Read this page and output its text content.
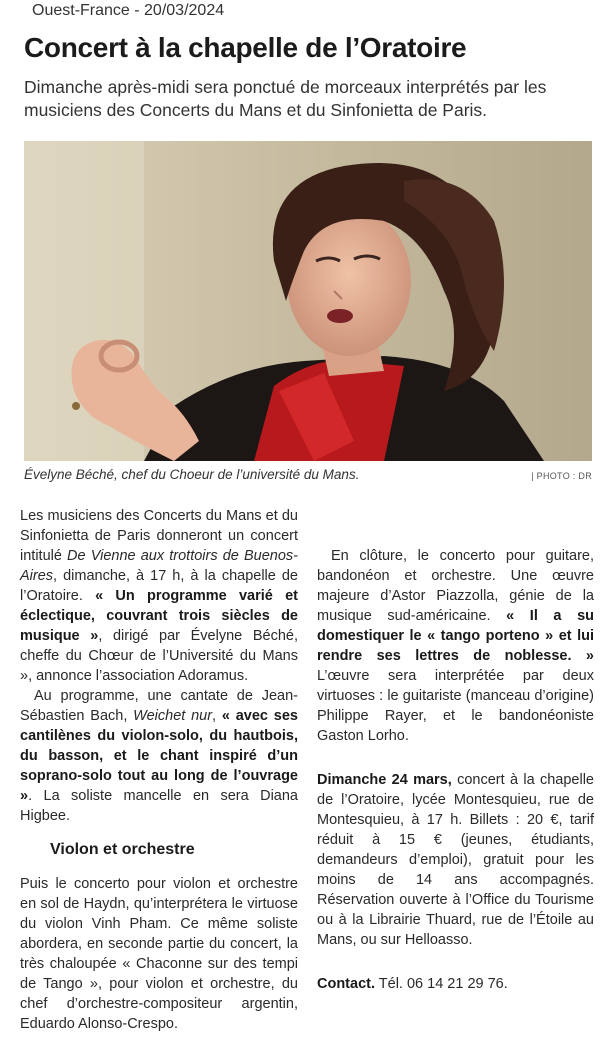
Ouest-France - 20/03/2024
Concert à la chapelle de l’Oratoire
Dimanche après-midi sera ponctué de morceaux interprétés par les musiciens des Concerts du Mans et du Sinfonietta de Paris.
Évelyne Béché, chef du Choeur de l’université du Mans.	| PHOTO : DR

Les musiciens des Concerts du Mans et du Sinfonietta de Paris donneront un concert intitulé De Vienne aux trottoirs de Buenos-Aires, dimanche, à 17 h, à la chapelle de l’Oratoire. « Un programme varié et éclectique, couvrant trois siècles de musique », dirigé par Évelyne Béché, cheffe du Chœur de l’Université du Mans », annonce l’association Adoramus.

Au programme, une cantate de Jean-Sébastien Bach, Weichet nur, « avec ses cantilènes du violon-solo, du hautbois, du basson, et le chant inspiré d’un soprano-solo tout au long de l’ouvrage ». La soliste mancelle en sera Diana Higbee.

Violon et orchestre

Puis le concerto pour violon et orchestre en sol de Haydn, qu’interprétera le virtuose du violon Vinh Pham. Ce même soliste abordera, en seconde partie du concert, la très chaloupée « Chaconne sur des tempi de Tango », pour violon et orchestre, du chef d’orchestre-compositeur argentin, Eduardo Alonso-Crespo.

En clôture, le concerto pour guitare, bandonéon et orchestre. Une œuvre majeure d’Astor Piazzolla, génie de la musique sud-américaine. « Il a su domestiquer le « tango porteno » et lui rendre ses lettres de noblesse. » L’œuvre sera interprétée par deux virtuoses : le guitariste (manceau d’origine) Philippe Rayer, et le bandonéoniste Gaston Lorho.

Dimanche 24 mars, concert à la chapelle de l’Oratoire, lycée Montesquieu, rue de Montesquieu, à 17 h. Billets : 20 €, tarif réduit à 15 € (jeunes, étudiants, demandeurs d’emploi), gratuit pour les moins de 14 ans accompagnés. Réservation ouverte à l’Office du Tourisme ou à la Librairie Thuard, rue de l’Étoile au Mans, ou sur Helloasso.

Contact. Tél. 06 14 21 29 76.
